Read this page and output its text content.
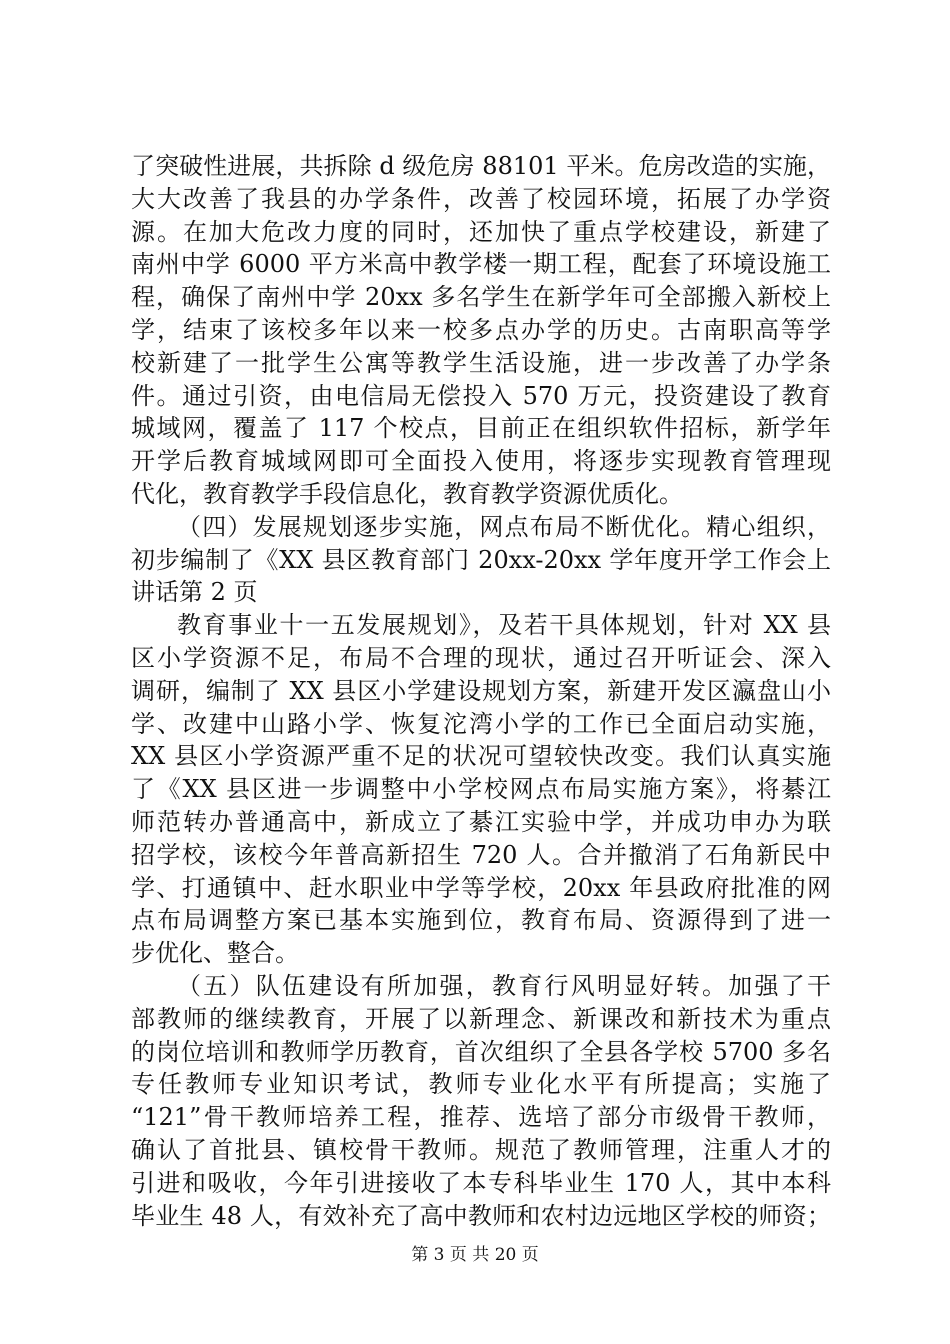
了突破性进展，共拆除 d 级危房 88101 平米。危房改造的实施，
大大改善了我县的办学条件，改善了校园环境，拓展了办学资
源。在加大危改力度的同时，还加快了重点学校建设，新建了
南州中学 6000 平方米高中教学楼一期工程，配套了环境设施工
程，确保了南州中学 20xx 多名学生在新学年可全部搬入新校上
学，结束了该校多年以来一校多点办学的历史。古南职高等学
校新建了一批学生公寓等教学生活设施，进一步改善了办学条
件。通过引资，由电信局无偿投入 570 万元，投资建设了教育
城域网，覆盖了 117 个校点，目前正在组织软件招标，新学年
开学后教育城域网即可全面投入使用，将逐步实现教育管理现
代化，教育教学手段信息化，教育教学资源优质化。
（四）发展规划逐步实施，网点布局不断优化。精心组织，
初步编制了《XX 县区教育部门 20xx-20xx 学年度开学工作会上
讲话第 2 页
教育事业十一五发展规划》，及若干具体规划，针对 XX 县
区小学资源不足，布局不合理的现状，通过召开听证会、深入
调研，编制了 XX 县区小学建设规划方案，新建开发区瀛盘山小
学、改建中山路小学、恢复沱湾小学的工作已全面启动实施，
XX 县区小学资源严重不足的状况可望较快改变。我们认真实施
了《XX 县区进一步调整中小学校网点布局实施方案》，将綦江
师范转办普通高中，新成立了綦江实验中学，并成功申办为联
招学校，该校今年普高新招生 720 人。合并撤消了石角新民中
学、打通镇中、赶水职业中学等学校，20xx 年县政府批准的网
点布局调整方案已基本实施到位，教育布局、资源得到了进一
步优化、整合。
（五）队伍建设有所加强，教育行风明显好转。加强了干
部教师的继续教育，开展了以新理念、新课改和新技术为重点
的岗位培训和教师学历教育，首次组织了全县各学校 5700 多名
专任教师专业知识考试，教师专业化水平有所提高；实施了
“121”骨干教师培养工程，推荐、选培了部分市级骨干教师，
确认了首批县、镇校骨干教师。规范了教师管理，注重人才的
引进和吸收，今年引进接收了本专科毕业生 170 人，其中本科
毕业生 48 人，有效补充了高中教师和农村边远地区学校的师资；
第 3 页 共 20 页
